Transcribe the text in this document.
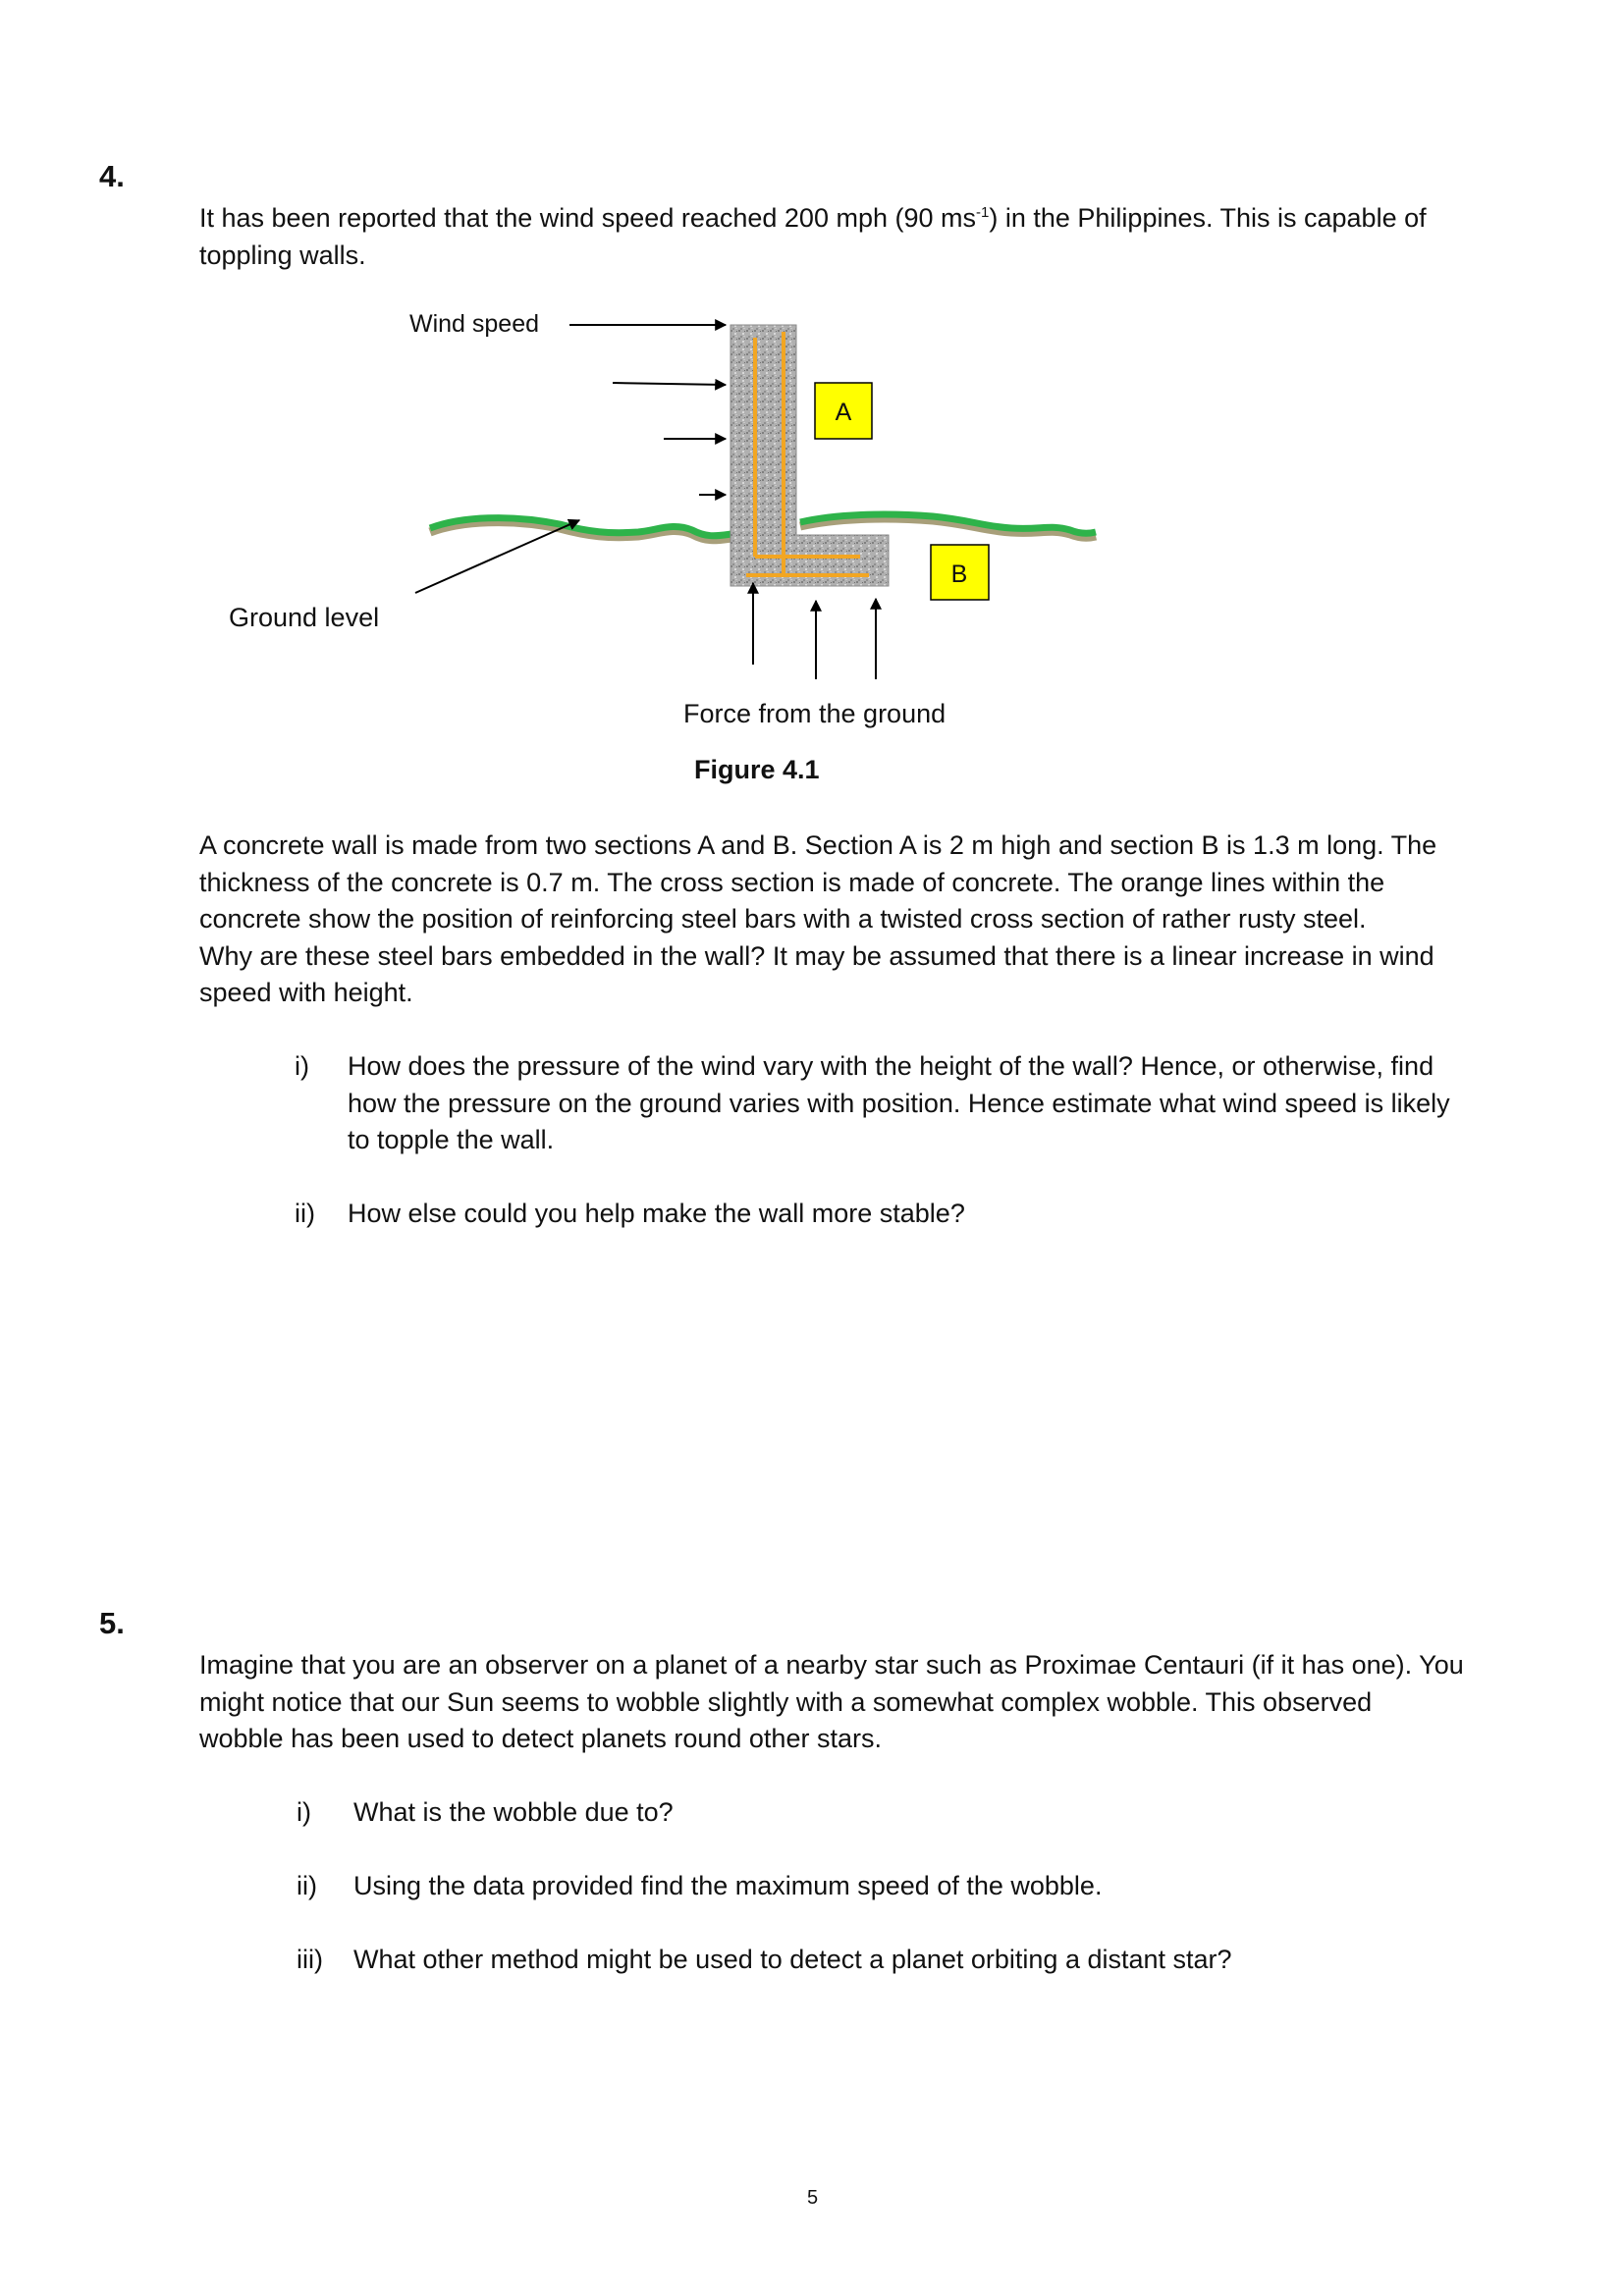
4.
It has been reported that the wind speed reached 200 mph (90 $ms^{-1}$) in the Philippines. This is capable of
toppling walls.
Wind speed
A
B
Ground level
Force from the ground
Figure 4.1
A concrete wall is made from two sections A and B. Section A is 2 m high and section B is 1.3 m long. The
thickness of the concrete is 0.7 m. The cross section is made of concrete. The orange lines within the
concrete show the position of reinforcing steel bars with a twisted cross section of rather rusty steel.
Why are these steel bars embedded in the wall? It may be assumed that there is a linear increase in wind
speed with height.
i) How does the pressure of the wind vary with the height of the wall? Hence, or otherwise, find
how the pressure on the ground varies with position. Hence estimate what wind speed is likely
to topple the wall.
ii) How else could you help make the wall more stable?
5.
Imagine that you are an observer on a planet of a nearby star such as Proximae Centauri (if it has one). You
might notice that our Sun seems to wobble slightly with a somewhat complex wobble. This observed
wobble has been used to detect planets round other stars.
i) What is the wobble due to?
ii) Using the data provided find the maximum speed of the wobble.
iii) What other method might be used to detect a planet orbiting a distant star?
5
